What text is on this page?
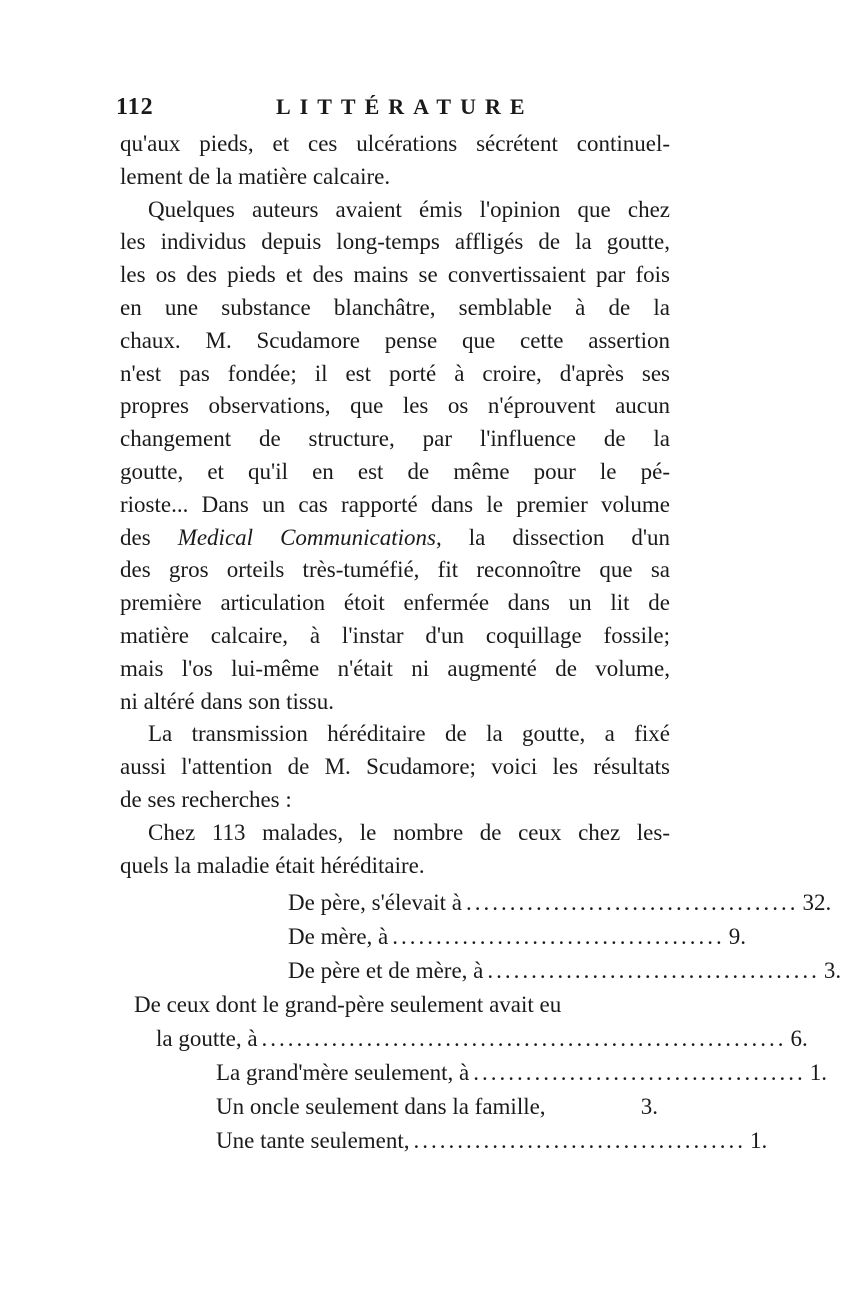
112	LITTÉRATURE
qu'aux pieds, et ces ulcérations sécrétent continuel-
lement de la matière calcaire.
Quelques auteurs avaient émis l'opinion que chez
les individus depuis long-temps affligés de la goutte,
les os des pieds et des mains se convertissaient par fois
en une substance blanchâtre, semblable à de la
chaux. M. Scudamore pense que cette assertion
n'est pas fondée; il est porté à croire, d'après ses
propres observations, que les os n'éprouvent aucun
changement de structure, par l'influence de la
goutte, et qu'il en est de même pour le pé-
rioste... Dans un cas rapporté dans le premier volume
des Medical Communications, la dissection d'un
des gros orteils très-tuméfié, fit reconnoître que sa
première articulation étoit enfermée dans un lit de
matière calcaire, à l'instar d'un coquillage fossile;
mais l'os lui-même n'était ni augmenté de volume,
ni altéré dans son tissu.
La transmission héréditaire de la goutte, a fixé
aussi l'attention de M. Scudamore; voici les résultats
de ses recherches :
Chez 113 malades, le nombre de ceux chez les-
quels la maladie était héréditaire.
De père, s'élevait à ...................................... 32.
De mère, à ...................................... 9.
De père et de mère, à ...................................... 3.
De ceux dont le grand-père seulement avait eu
la goutte, à ............................................................ 6.
La grand'mère seulement, à ...................................... 1.
Un oncle seulement dans la famille,	3.
Une tante seulement, ...................................... 1.
